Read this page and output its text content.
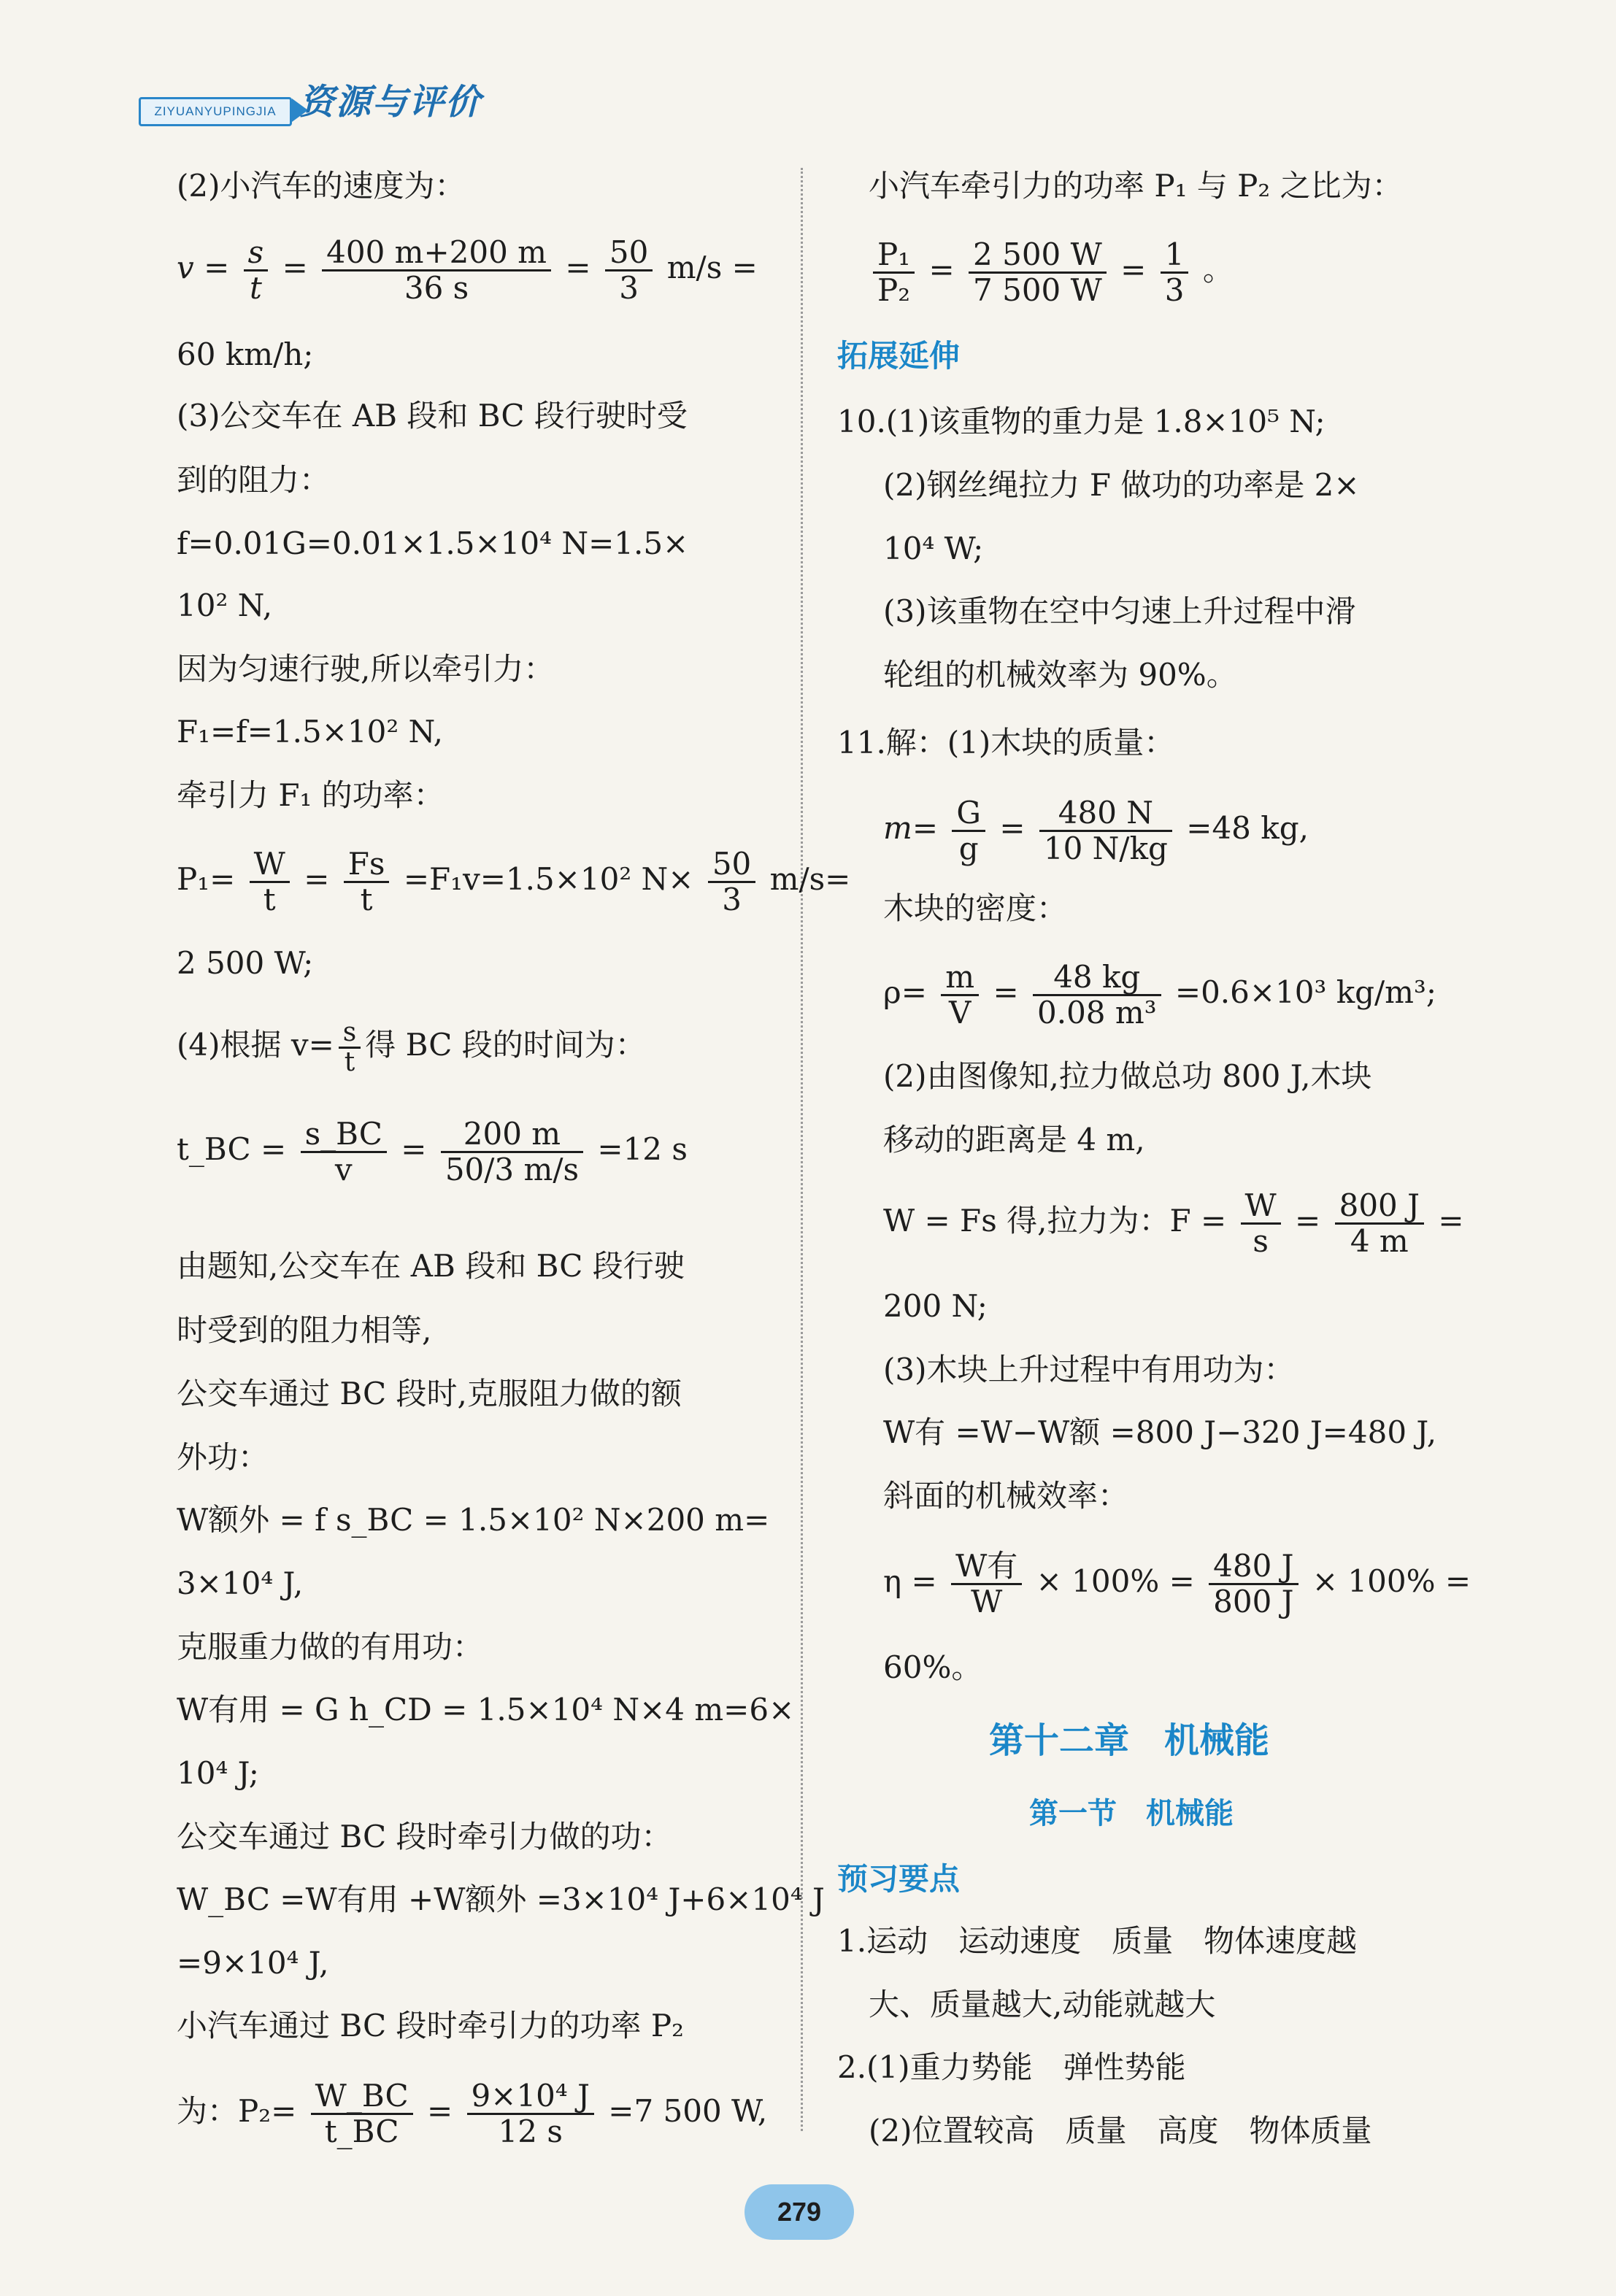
ZIYUANYUPINGJIA 资源与评价
(2)小汽车的速度为：
$v = \frac{s}{t} = \frac{400 m+200 m}{36 s} = \frac{50}{3} m/s$ =
60 km/h;
(3)公交车在 AB 段和 BC 段行驶时受
到的阻力：
f=0.01G=0.01×1.5×10⁴ N=1.5×
10² N,
因为匀速行驶,所以牵引力：
F₁=f=1.5×10² N,
牵引力 F₁ 的功率：
$P_1= \frac{W}{t} = \frac{Fs}{t} =F_1v=1.5\times 10^2$ $N\times \frac{50}{3} m/s=$
2 500 W;
(4)根据 $v= \frac{s}{t}$ 得 BC 段的时间为：
t_BC = $\frac{s\_BC}{v} = \frac{200 m}{50/3 m/s} =12$ s
由题知,公交车在 AB 段和 BC 段行驶
时受到的阻力相等,
公交车通过 BC 段时,克服阻力做的额
外功：
W额外 = f s_BC = 1.5×10² N×200 m=
3×10⁴ J,
克服重力做的有用功：
W有用 = G h_CD = 1.5×10⁴ N×4 m=6×
10⁴ J;
公交车通过 BC 段时牵引力做的功：
W_BC =W有用 +W额外 =3×10⁴ J+6×10⁴ J
=9×10⁴ J,
小汽车通过 BC 段时牵引力的功率 P₂
为：$P_2= \frac{W\_BC}{t\_BC} = \frac{\text{9×10⁴ J}}{12 s} =7$ 500 W,
小汽车牵引力的功率 P₁ 与 P₂ 之比为：
$\frac{\text{P₁}}{\text{P₂}} = \frac{2 500 W}{7 500 W} = \frac{1}{3}$ 。
拓展延伸
10.(1)该重物的重力是 1.8×10⁵ N;
(2)钢丝绳拉力 F 做功的功率是 2×
10⁴ W;
(3)该重物在空中匀速上升过程中滑
轮组的机械效率为 90%。
11.解：(1)木块的质量：
$m= \frac{G}{g} = \frac{480 N}{10 N/kg} =48$ kg,
木块的密度：
$\rho= \frac{m}{V} = \frac{48 kg}{\text{0.08 m³}} =0.6\times 10^3$ kg/m³;
(2)由图像知,拉力做总功 800 J,木块
移动的距离是 4 m,
W = Fs 得,拉力为：$F = \frac{W}{s} = \frac{800 J}{4 m}$ =
200 N;
(3)木块上升过程中有用功为：
W有 =W−W额 =800 J−320 J=480 J,
斜面的机械效率：
$\eta = \frac{\text{W有}}{W} \times 100\% = \frac{480 J}{800 J} \times 100\%$ =
60%。
第十二章　机械能
第一节　机械能
预习要点
1.运动　运动速度　质量　物体速度越
大、质量越大,动能就越大
2.(1)重力势能　弹性势能
(2)位置较高　质量　高度　物体质量
279
